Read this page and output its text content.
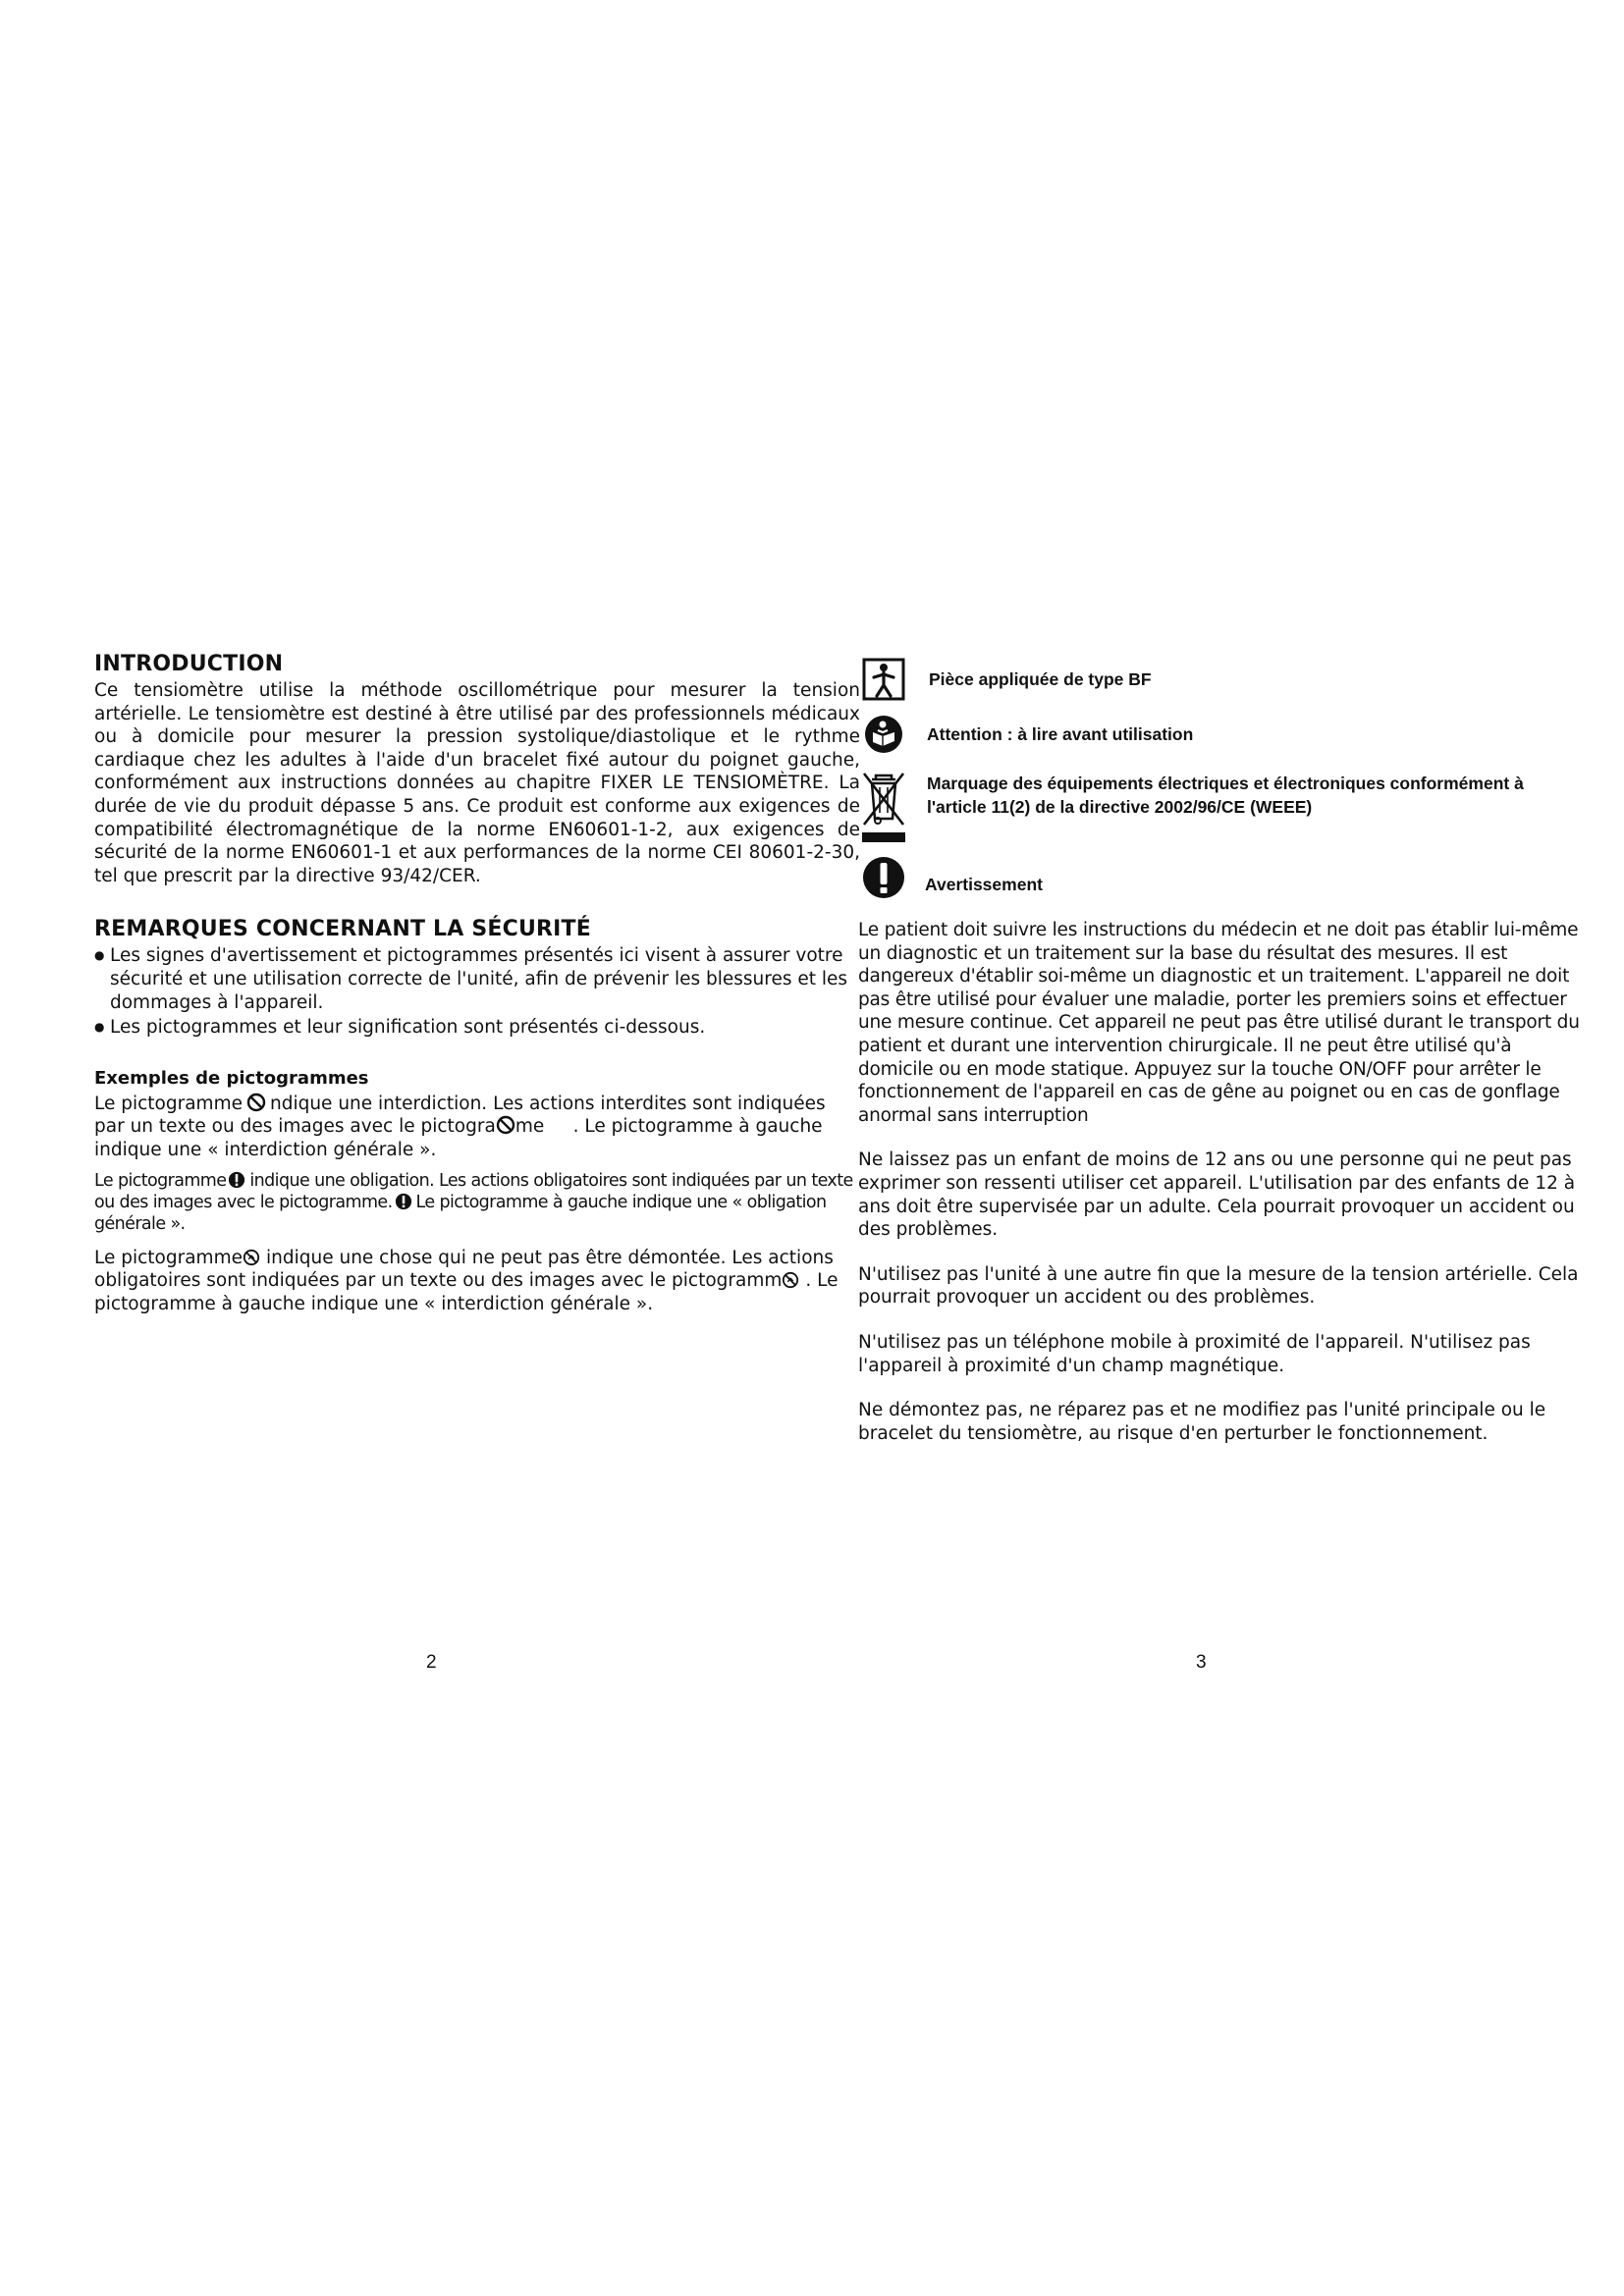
INTRODUCTION

Ce tensiomètre utilise la méthode oscillométrique pour mesurer la tension artérielle. Le tensiomètre est destiné à être utilisé par des professionnels médicaux ou à domicile pour mesurer la pression systolique/diastolique et le rythme cardiaque chez les adultes à l'aide d'un bracelet fixé autour du poignet gauche, conformément aux instructions données au chapitre FIXER LE TENSIOMÈTRE. La durée de vie du produit dépasse 5 ans. Ce produit est conforme aux exigences de compatibilité électromagnétique de la norme EN60601-1-2, aux exigences de sécurité de la norme EN60601-1 et aux performances de la norme CEI 80601-2-30, tel que prescrit par la directive 93/42/CER.

REMARQUES CONCERNANT LA SÉCURITÉ
● Les signes d'avertissement et pictogrammes présentés ici visent à assurer votre sécurité et une utilisation correcte de l'unité, afin de prévenir les blessures et les dommages à l'appareil.
● Les pictogrammes et leur signification sont présentés ci-dessous.
Exemples de pictogrammes

Le pictogramme ndique une interdiction. Les actions interdites sont indiquées par un texte ou des images avec le pictogra me . Le pictogramme à gauche indique une « interdiction générale ».

Le pictogramme indique une obligation. Les actions obligatoires sont indiquées par un texte ou des images avec le pictogramme. Le pictogramme à gauche indique une « obligation générale ».

Le pictogramme indique une chose qui ne peut pas être démontée. Les actions obligatoires sont indiquées par un texte ou des images avec le pictogramm . Le pictogramme à gauche indique une « interdiction générale ».

Pièce appliquée de type BF
Attention : à lire avant utilisation
Marquage des équipements électriques et électroniques conformément à l'article 11(2) de la directive 2002/96/CE (WEEE)
Avertissement

Le patient doit suivre les instructions du médecin et ne doit pas établir lui-même un diagnostic et un traitement sur la base du résultat des mesures. Il est dangereux d'établir soi-même un diagnostic et un traitement. L'appareil ne doit pas être utilisé pour évaluer une maladie, porter les premiers soins et effectuer une mesure continue. Cet appareil ne peut pas être utilisé durant le transport du patient et durant une intervention chirurgicale. Il ne peut être utilisé qu'à domicile ou en mode statique. Appuyez sur la touche ON/OFF pour arrêter le fonctionnement de l'appareil en cas de gêne au poignet ou en cas de gonflage anormal sans interruption

Ne laissez pas un enfant de moins de 12 ans ou une personne qui ne peut pas exprimer son ressenti utiliser cet appareil. L'utilisation par des enfants de 12 à ans doit être supervisée par un adulte. Cela pourrait provoquer un accident ou des problèmes.

N'utilisez pas l'unité à une autre fin que la mesure de la tension artérielle. Cela pourrait provoquer un accident ou des problèmes.

N'utilisez pas un téléphone mobile à proximité de l'appareil. N'utilisez pas l'appareil à proximité d'un champ magnétique.

Ne démontez pas, ne réparez pas et ne modifiez pas l'unité principale ou le bracelet du tensiomètre, au risque d'en perturber le fonctionnement.

2	3
